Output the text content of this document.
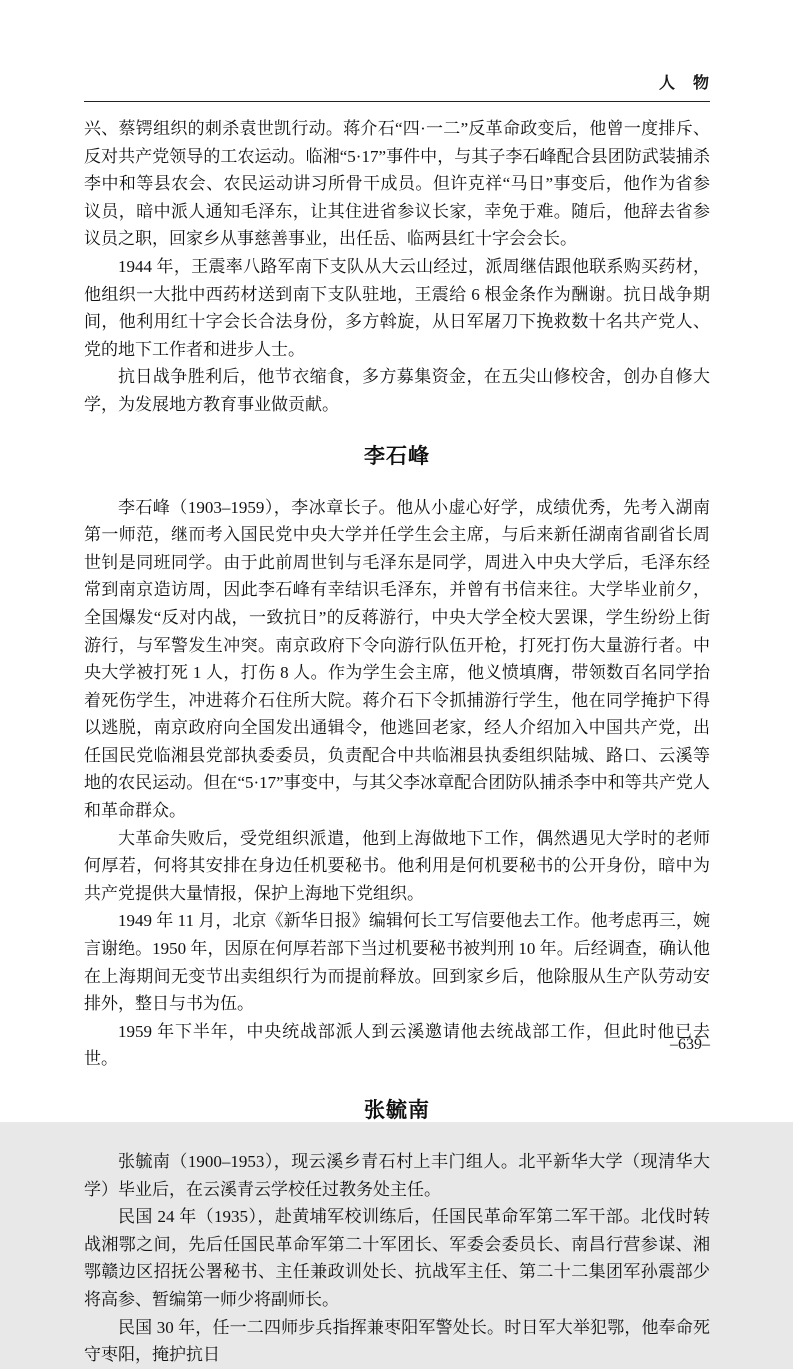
人　物

兴、蔡锷组织的刺杀袁世凯行动。蒋介石“四·一二”反革命政变后，他曾一度排斥、反对共产党领导的工农运动。临湘“5·17”事件中，与其子李石峰配合县团防武装捕杀李中和等县农会、农民运动讲习所骨干成员。但许克祥“马日”事变后，他作为省参议员，暗中派人通知毛泽东，让其住进省参议长家，幸免于难。随后，他辞去省参议员之职，回家乡从事慈善事业，出任岳、临两县红十字会会长。

1944 年，王震率八路军南下支队从大云山经过，派周继佶跟他联系购买药材，他组织一大批中西药材送到南下支队驻地，王震给 6 根金条作为酬谢。抗日战争期间，他利用红十字会长合法身份，多方斡旋，从日军屠刀下挽救数十名共产党人、党的地下工作者和进步人士。

抗日战争胜利后，他节衣缩食，多方募集资金，在五尖山修校舍，创办自修大学，为发展地方教育事业做贡献。

李石峰

李石峰（1903–1959），李冰章长子。他从小虚心好学，成绩优秀，先考入湖南第一师范，继而考入国民党中央大学并任学生会主席，与后来新任湖南省副省长周世钊是同班同学。由于此前周世钊与毛泽东是同学，周进入中央大学后，毛泽东经常到南京造访周，因此李石峰有幸结识毛泽东，并曾有书信来往。大学毕业前夕，全国爆发“反对内战，一致抗日”的反蒋游行，中央大学全校大罢课，学生纷纷上街游行，与军警发生冲突。南京政府下令向游行队伍开枪，打死打伤大量游行者。中央大学被打死 1 人，打伤 8 人。作为学生会主席，他义愤填膺，带领数百名同学抬着死伤学生，冲进蒋介石住所大院。蒋介石下令抓捕游行学生，他在同学掩护下得以逃脱，南京政府向全国发出通辑令，他逃回老家，经人介绍加入中国共产党，出任国民党临湘县党部执委委员，负责配合中共临湘县执委组织陆城、路口、云溪等地的农民运动。但在“5·17”事变中，与其父李冰章配合团防队捕杀李中和等共产党人和革命群众。

大革命失败后，受党组织派遣，他到上海做地下工作，偶然遇见大学时的老师何厚若，何将其安排在身边任机要秘书。他利用是何机要秘书的公开身份，暗中为共产党提供大量情报，保护上海地下党组织。

1949 年 11 月，北京《新华日报》编辑何长工写信要他去工作。他考虑再三，婉言谢绝。1950 年，因原在何厚若部下当过机要秘书被判刑 10 年。后经调查，确认他在上海期间无变节出卖组织行为而提前释放。回到家乡后，他除服从生产队劳动安排外，整日与书为伍。

1959 年下半年，中央统战部派人到云溪邀请他去统战部工作，但此时他已去世。

张毓南

张毓南（1900–1953），现云溪乡青石村上丰门组人。北平新华大学（现清华大学）毕业后，在云溪青云学校任过教务处主任。

民国 24 年（1935），赴黄埔军校训练后，任国民革命军第二军干部。北伐时转战湘鄂之间，先后任国民革命军第二十军团长、军委会委员长、南昌行营参谋、湘鄂赣边区招抚公署秘书、主任兼政训处长、抗战军主任、第二十二集团军孙震部少将高参、暂编第一师少将副师长。

民国 30 年，任一二四师步兵指挥兼枣阳军警处长。时日军大举犯鄂，他奉命死守枣阳，掩护抗日

–639–
